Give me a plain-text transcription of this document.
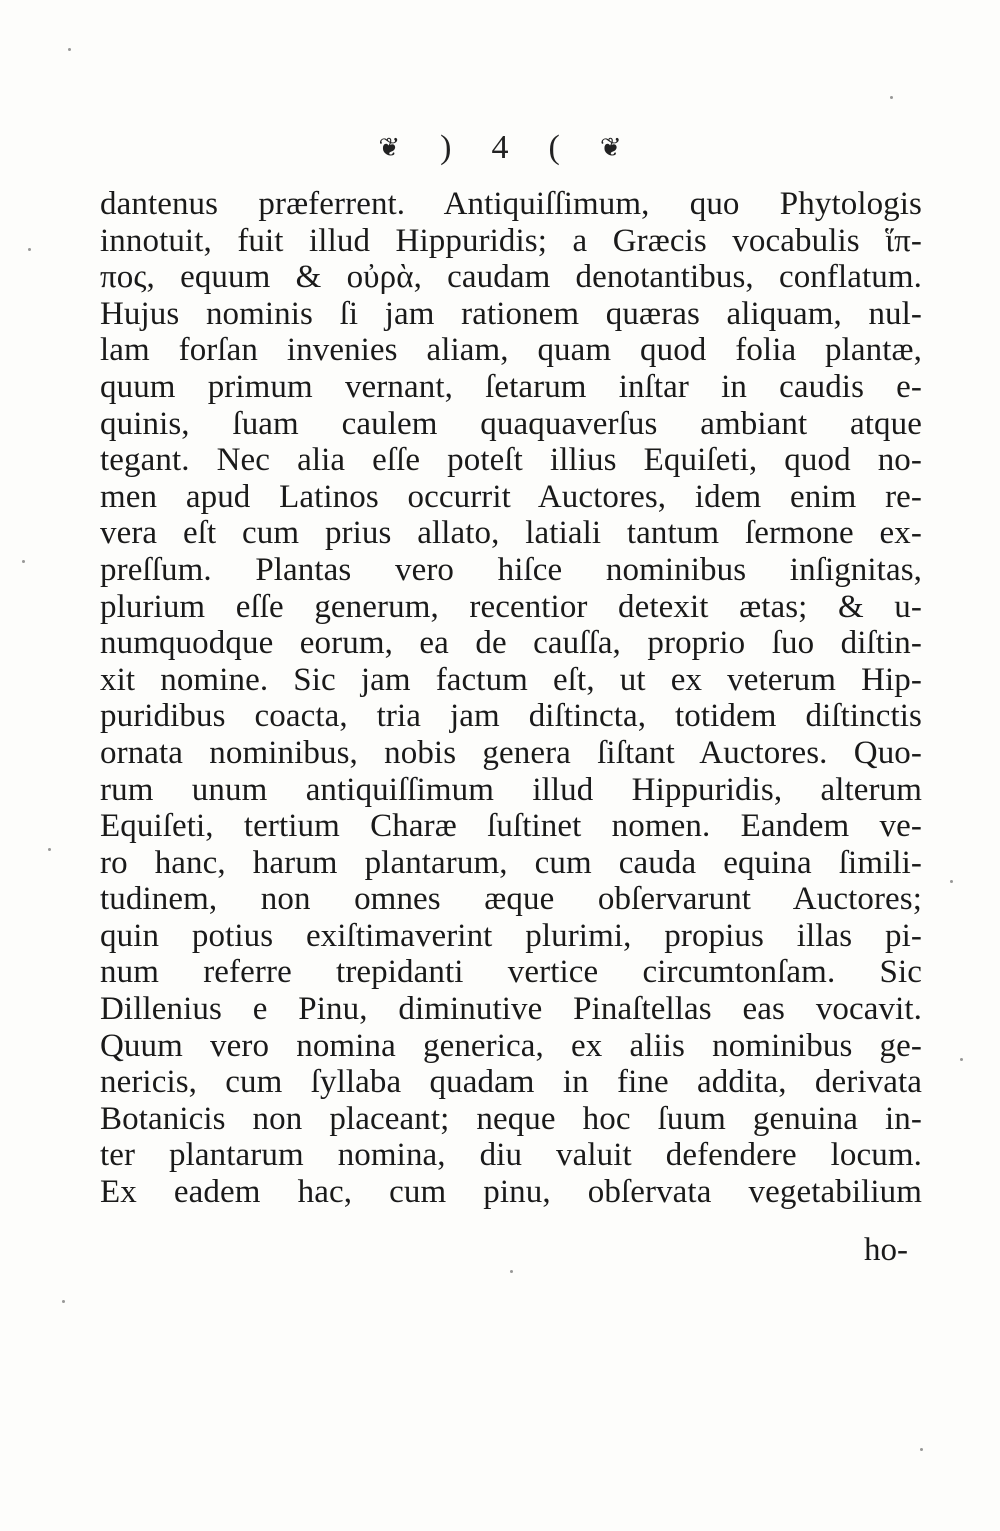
❦ ) 4 ( ❦
dantenus præferrent. Antiquiſſimum, quo Phytologis
innotuit, fuit illud Hippuridis; a Græcis vocabulis ἵπ-
πος, equum & οὐρὰ, caudam denotantibus, conflatum.
Hujus nominis ſi jam rationem quæras aliquam, nul-
lam forſan invenies aliam, quam quod folia plantæ,
quum primum vernant, ſetarum inſtar in caudis e-
quinis, ſuam caulem quaquaverſus ambiant atque
tegant. Nec alia eſſe poteſt illius Equiſeti, quod no-
men apud Latinos occurrit Auctores, idem enim re-
vera eſt cum prius allato, latiali tantum ſermone ex-
preſſum. Plantas vero hiſce nominibus inſignitas,
plurium eſſe generum, recentior detexit ætas; & u-
numquodque eorum, ea de cauſſa, proprio ſuo diſtin-
xit nomine. Sic jam factum eſt, ut ex veterum Hip-
puridibus coacta, tria jam diſtincta, totidem diſtinctis
ornata nominibus, nobis genera ſiſtant Auctores. Quo-
rum unum antiquiſſimum illud Hippuridis, alterum
Equiſeti, tertium Charæ ſuſtinet nomen. Eandem ve-
ro hanc, harum plantarum, cum cauda equina ſimili-
tudinem, non omnes æque obſervarunt Auctores;
quin potius exiſtimaverint plurimi, propius illas pi-
num referre trepidanti vertice circumtonſam. Sic
Dillenius e Pinu, diminutive Pinaſtellas eas vocavit.
Quum vero nomina generica, ex aliis nominibus ge-
nericis, cum ſyllaba quadam in fine addita, derivata
Botanicis non placeant; neque hoc ſuum genuina in-
ter plantarum nomina, diu valuit defendere locum.
Ex eadem hac, cum pinu, obſervata vegetabilium
ho-
